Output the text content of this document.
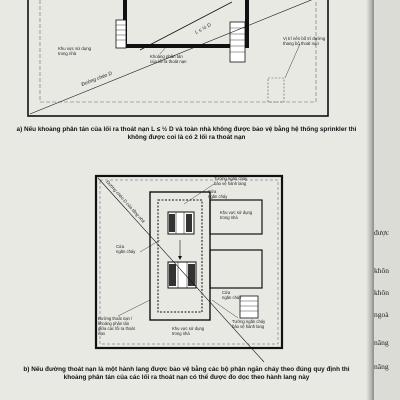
L ≤ ½ D
Khu vực sử dụng trong nhà
Khoảng phân tán của lối ra thoát nạn
Vị trí nên bố trí đường thang bộ thoát nạn
Đường chéo D
Tường ngăn cháy bảo vệ hành lang
Cửa ngăn cháy
Khu vực sử dụng trong nhà
Cửa ngăn cháy
Cửa ngăn cháy
Đường thoát nạn / khoảng phân tán giữa các lối ra thoát nạn
Khu vực sử dụng trong nhà
Tường ngăn cháy bảo vệ hành lang
Đường chéo D của tầng nhà
a) Nếu khoảng phân tán của lối ra thoát nạn L ≤ ½ D và toàn nhà không được bảo vệ bằng hệ thống sprinkler thì không được coi là có 2 lối ra thoát nạn
b) Nếu đường thoát nạn là một hành lang được bảo vệ bằng các bộ phận ngăn cháy theo đúng quy định thì khoảng phân tán của các lối ra thoát nạn có thể được đo dọc theo hành lang này
được
khôn
khôn
ngoà
năng
năng
